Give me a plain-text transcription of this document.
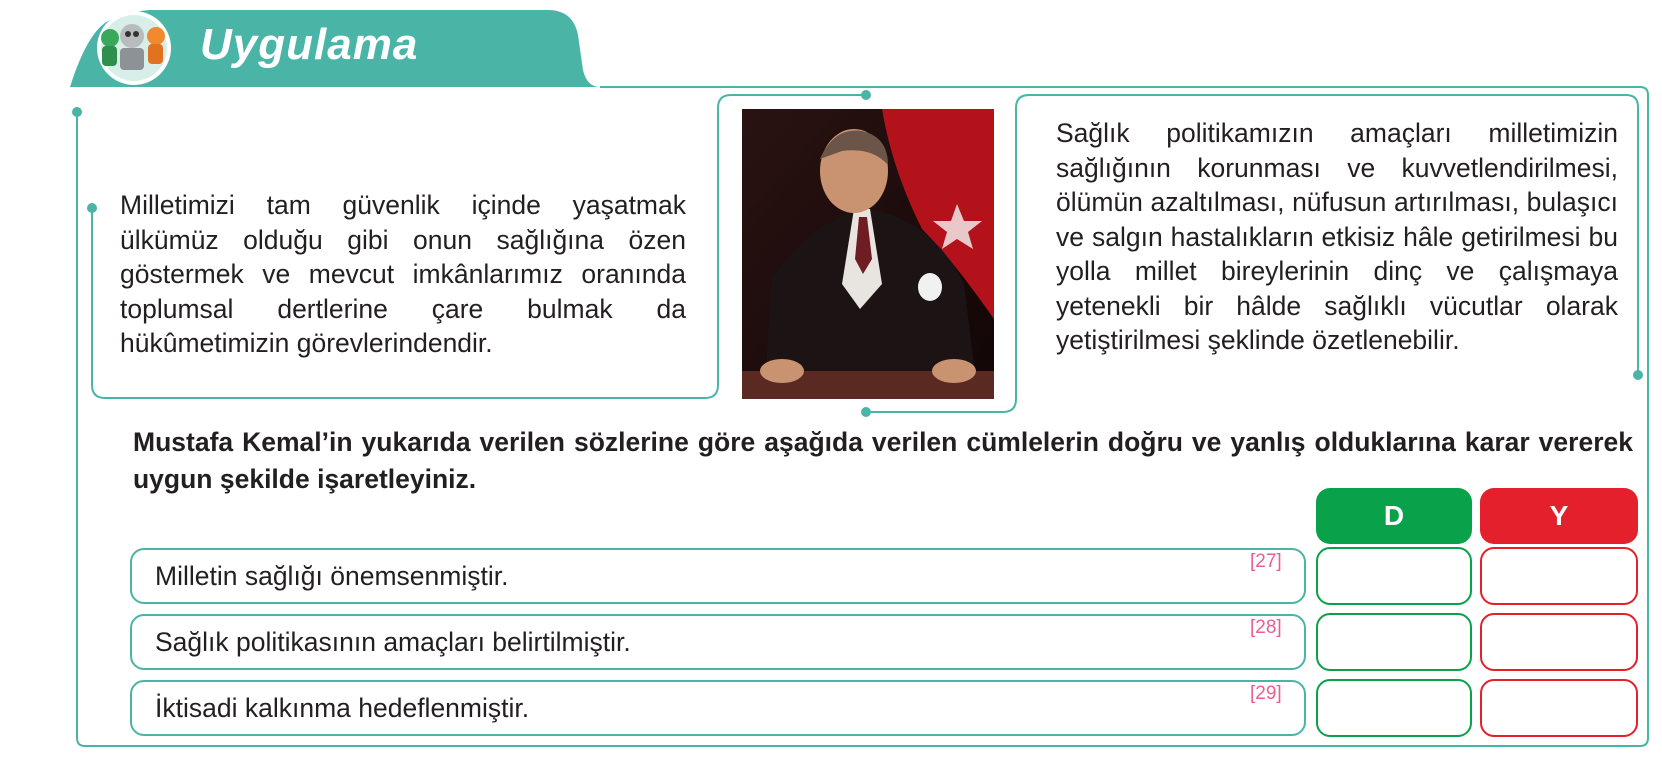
Uygulama
Milletimizi tam güvenlik içinde yaşatmak ülkümüz olduğu gibi onun sağlığına özen göstermek ve mevcut imkânlarımız oranında toplumsal dertlerine çare bulmak da hükûmetimizin görevlerindendir.
Sağlık politikamızın amaçları milletimizin sağlığının korunması ve kuvvetlendirilmesi, ölümün azaltılması, nüfusun artırılması, bulaşıcı ve salgın hastalıkların etkisiz hâle getirilmesi bu yolla millet bireylerinin dinç ve çalışmaya yetenekli bir hâlde sağlıklı vücutlar olarak yetiştirilmesi şeklinde özetlenebilir.
Mustafa Kemal’in yukarıda verilen sözlerine göre aşağıda verilen cümlelerin doğru ve yanlış olduklarına karar vererek uygun şekilde işaretleyiniz.
D	Y
Milletin sağlığı önemsenmiştir.	[27]
Sağlık politikasının amaçları belirtilmiştir.	[28]
İktisadi kalkınma hedeflenmiştir.	[29]
